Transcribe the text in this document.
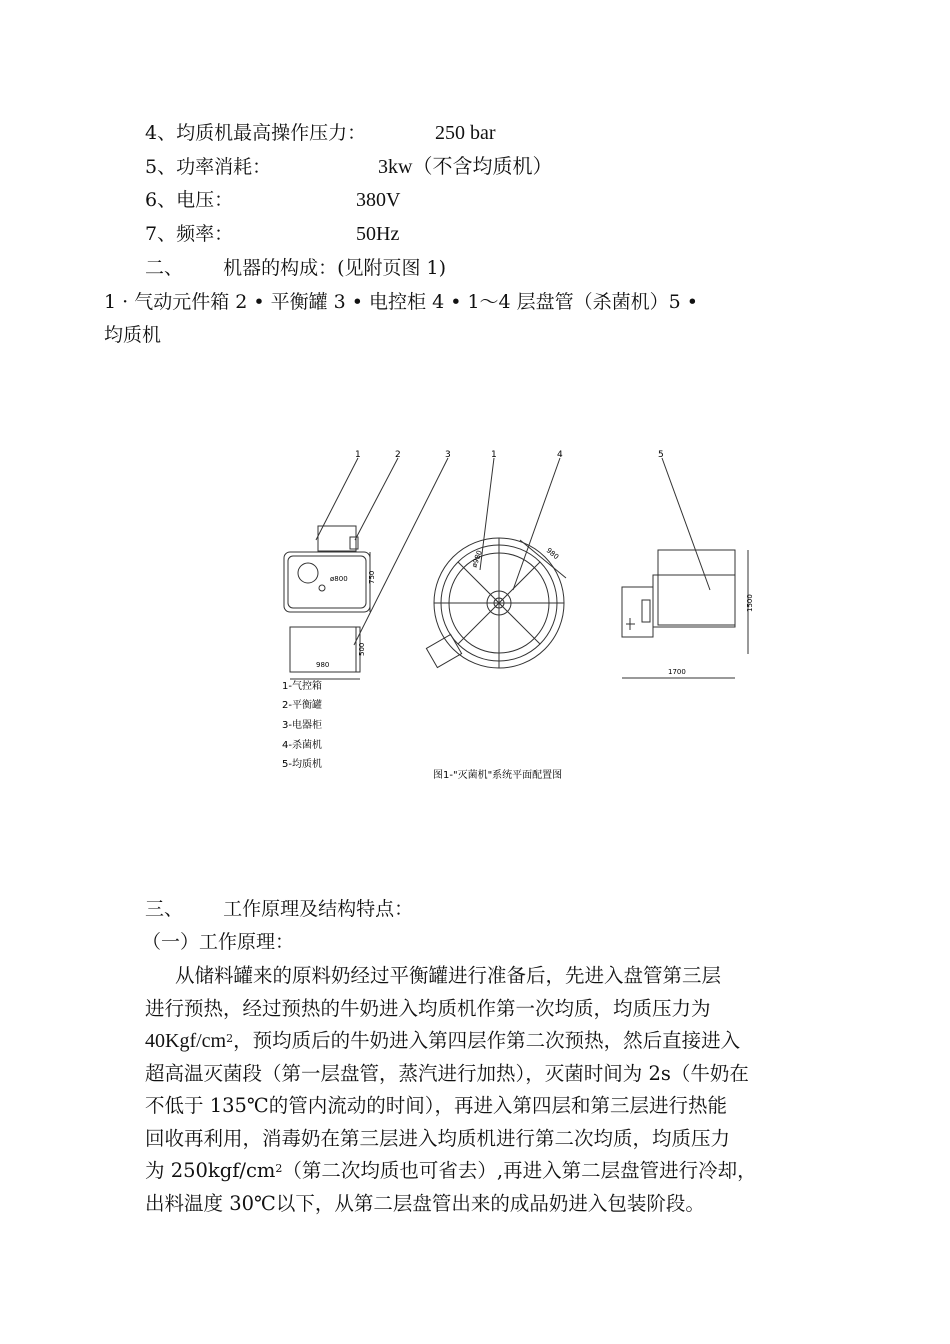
4、均质机最高操作压力：	250 bar
5、功率消耗：	3kw（不含均质机）
6、电压：	380V
7、频率：	50Hz
二、 机器的构成：(见附页图 1)
1 · 气动元件箱 2 • 平衡罐 3 • 电控柜 4 • 1～4 层盘管（杀菌机）5 •
均质机
1	2	3	1	4	5
ø800	750
500
980
ø980	980
1500
1700
1-气控箱
2-平衡罐
3-电器柜
4-杀菌机
5-均质机
图1-"灭菌机"系统平面配置图
三、 工作原理及结构特点：
（一）工作原理：
从储料罐来的原料奶经过平衡罐进行准备后，先进入盘管第三层
进行预热，经过预热的牛奶进入均质机作第一次均质，均质压力为
$40Kgf/cm^2$，预均质后的牛奶进入第四层作第二次预热，然后直接进入
超高温灭菌段（第一层盘管，蒸汽进行加热），灭菌时间为 2s（牛奶在
不低于 135℃的管内流动的时间），再进入第四层和第三层进行热能
回收再利用，消毒奶在第三层进入均质机进行第二次均质，均质压力
为 $250kgf/cm^2$（第二次均质也可省去）,再进入第二层盘管进行冷却，
出料温度 30℃以下，从第二层盘管出来的成品奶进入包装阶段。
